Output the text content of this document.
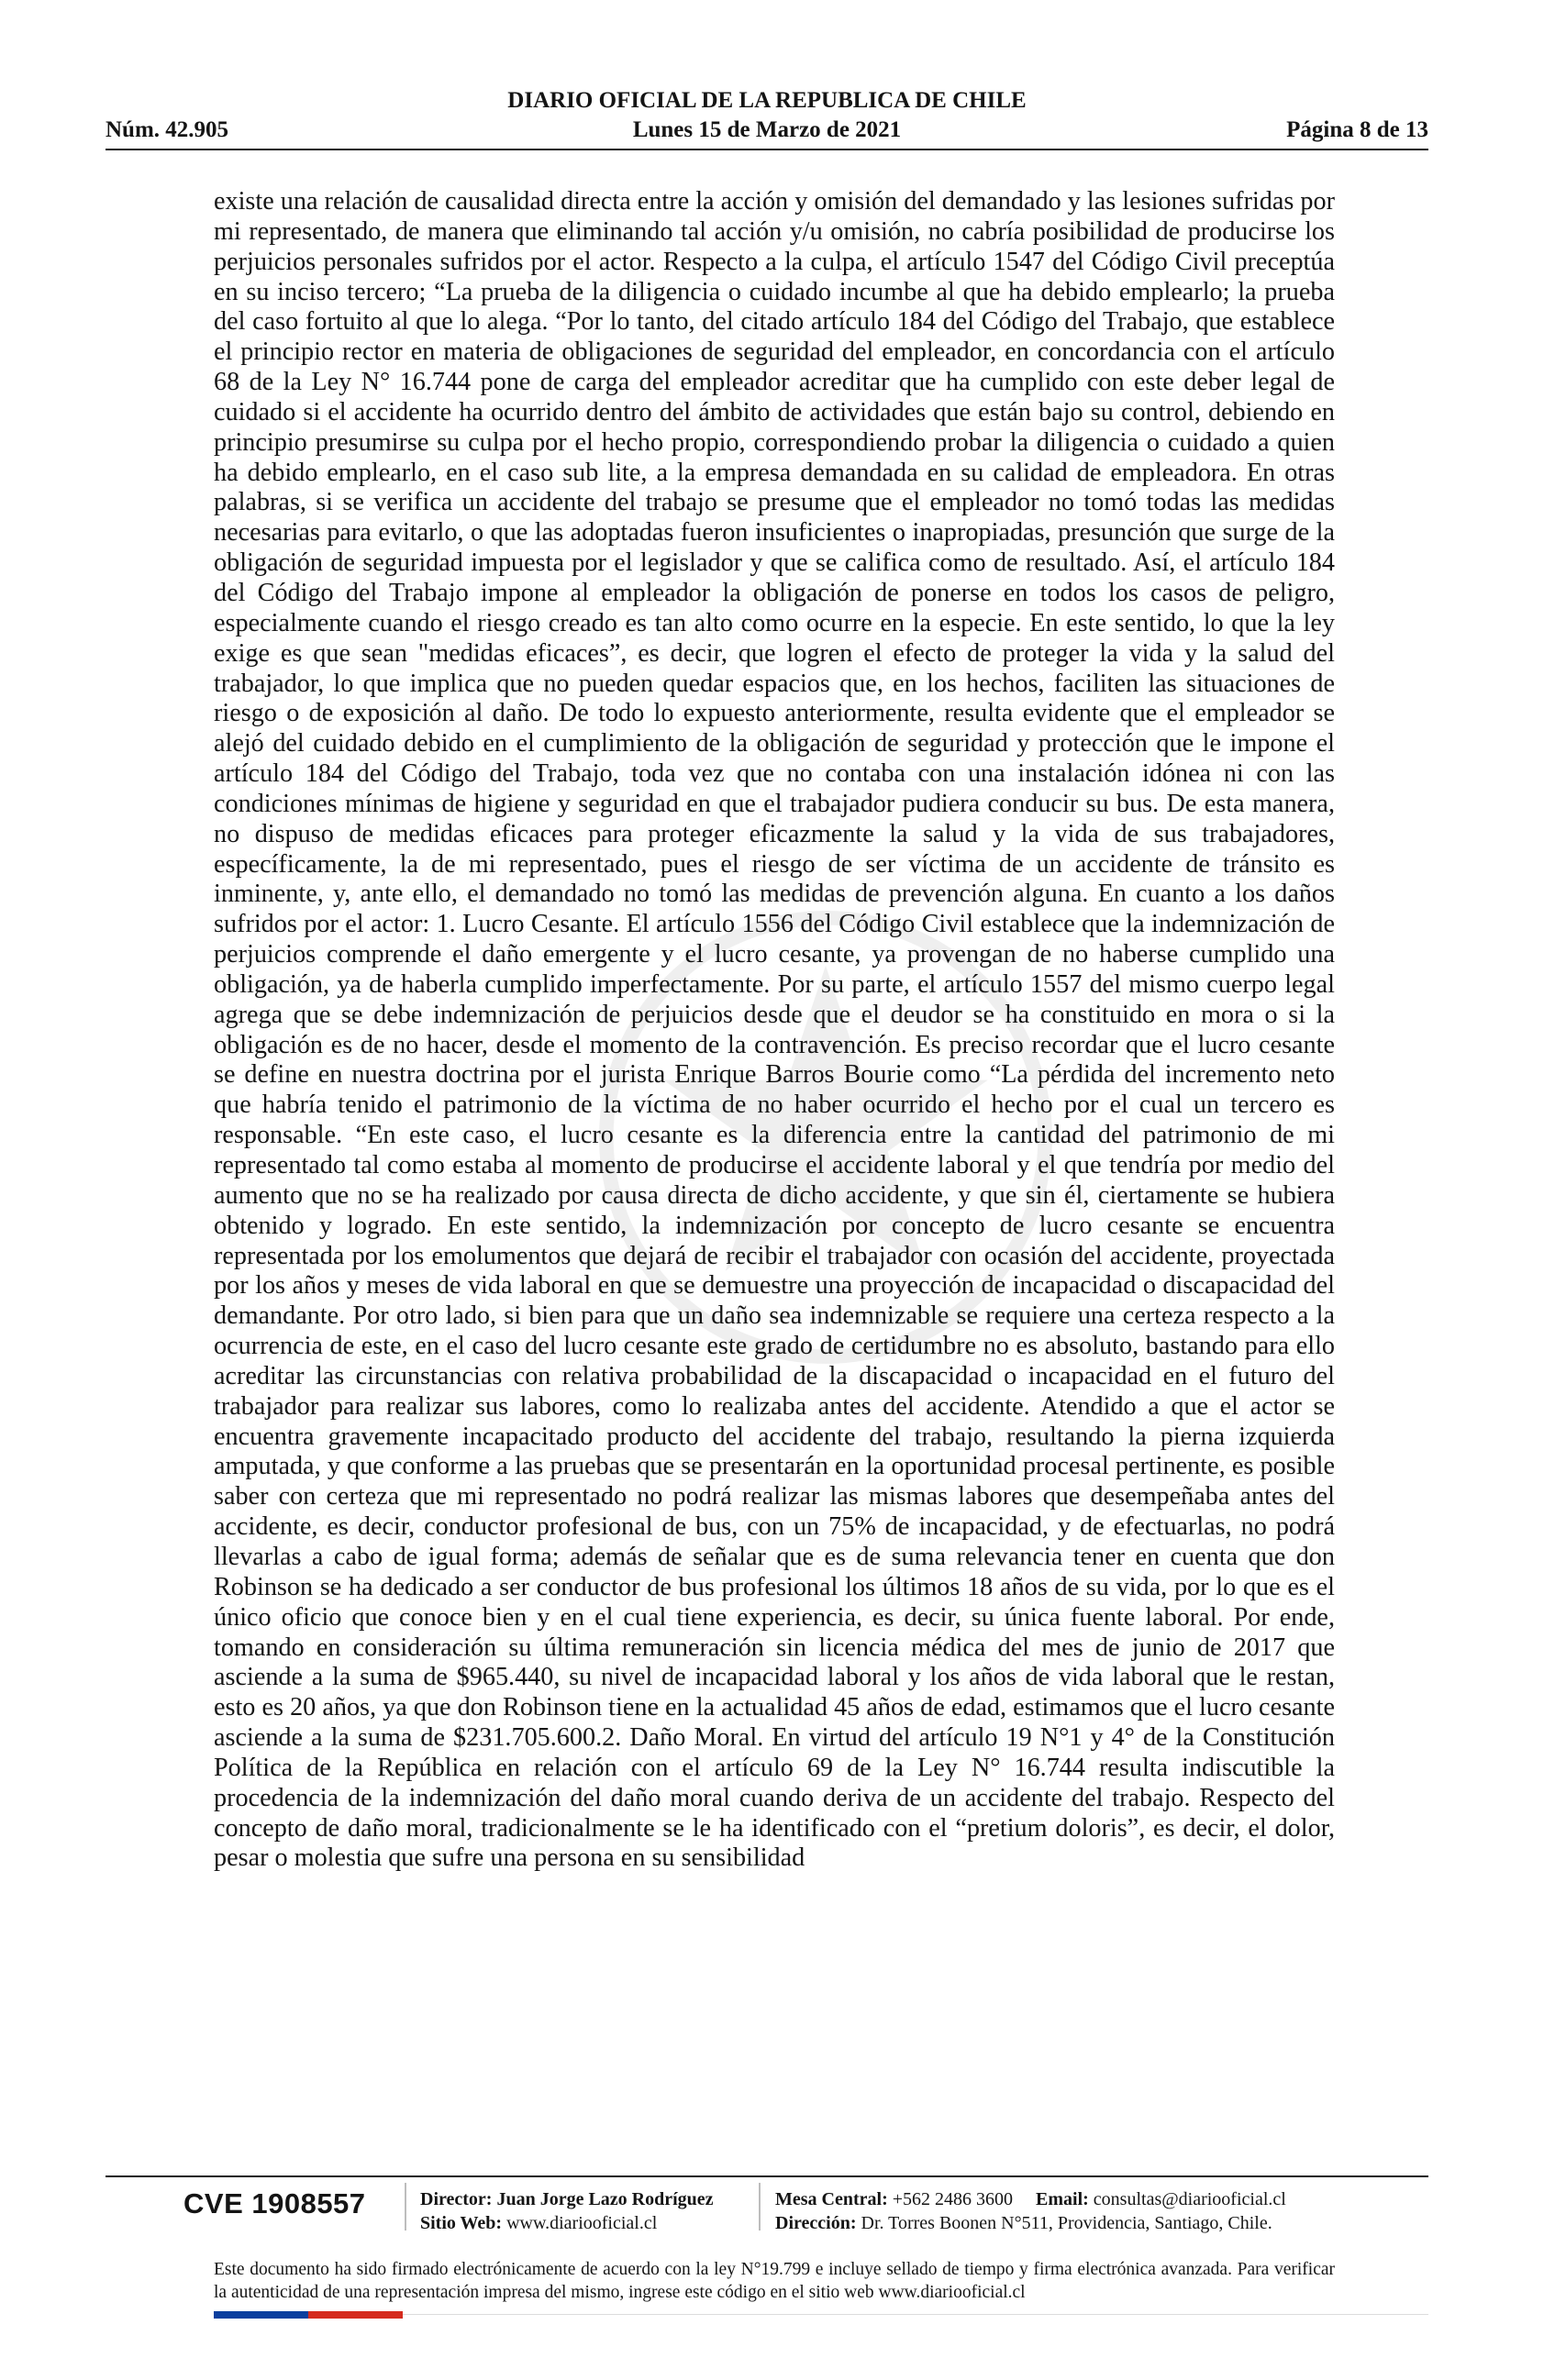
DIARIO OFICIAL DE LA REPUBLICA DE CHILE
Núm. 42.905	Lunes 15 de Marzo de 2021	Página 8 de 13
existe una relación de causalidad directa entre la acción y omisión del demandado y las lesiones sufridas por mi representado, de manera que eliminando tal acción y/u omisión, no cabría posibilidad de producirse los perjuicios personales sufridos por el actor. Respecto a la culpa, el artículo 1547 del Código Civil preceptúa en su inciso tercero; “La prueba de la diligencia o cuidado incumbe al que ha debido emplearlo; la prueba del caso fortuito al que lo alega. “Por lo tanto, del citado artículo 184 del Código del Trabajo, que establece el principio rector en materia de obligaciones de seguridad del empleador, en concordancia con el artículo 68 de la Ley N° 16.744 pone de carga del empleador acreditar que ha cumplido con este deber legal de cuidado si el accidente ha ocurrido dentro del ámbito de actividades que están bajo su control, debiendo en principio presumirse su culpa por el hecho propio, correspondiendo probar la diligencia o cuidado a quien ha debido emplearlo, en el caso sub lite, a la empresa demandada en su calidad de empleadora. En otras palabras, si se verifica un accidente del trabajo se presume que el empleador no tomó todas las medidas necesarias para evitarlo, o que las adoptadas fueron insuficientes o inapropiadas, presunción que surge de la obligación de seguridad impuesta por el legislador y que se califica como de resultado. Así, el artículo 184 del Código del Trabajo impone al empleador la obligación de ponerse en todos los casos de peligro, especialmente cuando el riesgo creado es tan alto como ocurre en la especie. En este sentido, lo que la ley exige es que sean "medidas eficaces”, es decir, que logren el efecto de proteger la vida y la salud del trabajador, lo que implica que no pueden quedar espacios que, en los hechos, faciliten las situaciones de riesgo o de exposición al daño. De todo lo expuesto anteriormente, resulta evidente que el empleador se alejó del cuidado debido en el cumplimiento de la obligación de seguridad y protección que le impone el artículo 184 del Código del Trabajo, toda vez que no contaba con una instalación idónea ni con las condiciones mínimas de higiene y seguridad en que el trabajador pudiera conducir su bus. De esta manera, no dispuso de medidas eficaces para proteger eficazmente la salud y la vida de sus trabajadores, específicamente, la de mi representado, pues el riesgo de ser víctima de un accidente de tránsito es inminente, y, ante ello, el demandado no tomó las medidas de prevención alguna. En cuanto a los daños sufridos por el actor: 1. Lucro Cesante. El artículo 1556 del Código Civil establece que la indemnización de perjuicios comprende el daño emergente y el lucro cesante, ya provengan de no haberse cumplido una obligación, ya de haberla cumplido imperfectamente. Por su parte, el artículo 1557 del mismo cuerpo legal agrega que se debe indemnización de perjuicios desde que el deudor se ha constituido en mora o si la obligación es de no hacer, desde el momento de la contravención. Es preciso recordar que el lucro cesante se define en nuestra doctrina por el jurista Enrique Barros Bourie como “La pérdida del incremento neto que habría tenido el patrimonio de la víctima de no haber ocurrido el hecho por el cual un tercero es responsable. “En este caso, el lucro cesante es la diferencia entre la cantidad del patrimonio de mi representado tal como estaba al momento de producirse el accidente laboral y el que tendría por medio del aumento que no se ha realizado por causa directa de dicho accidente, y que sin él, ciertamente se hubiera obtenido y logrado. En este sentido, la indemnización por concepto de lucro cesante se encuentra representada por los emolumentos que dejará de recibir el trabajador con ocasión del accidente, proyectada por los años y meses de vida laboral en que se demuestre una proyección de incapacidad o discapacidad del demandante. Por otro lado, si bien para que un daño sea indemnizable se requiere una certeza respecto a la ocurrencia de este, en el caso del lucro cesante este grado de certidumbre no es absoluto, bastando para ello acreditar las circunstancias con relativa probabilidad de la discapacidad o incapacidad en el futuro del trabajador para realizar sus labores, como lo realizaba antes del accidente. Atendido a que el actor se encuentra gravemente incapacitado producto del accidente del trabajo, resultando la pierna izquierda amputada, y que conforme a las pruebas que se presentarán en la oportunidad procesal pertinente, es posible saber con certeza que mi representado no podrá realizar las mismas labores que desempeñaba antes del accidente, es decir, conductor profesional de bus, con un 75% de incapacidad, y de efectuarlas, no podrá llevarlas a cabo de igual forma; además de señalar que es de suma relevancia tener en cuenta que don Robinson se ha dedicado a ser conductor de bus profesional los últimos 18 años de su vida, por lo que es el único oficio que conoce bien y en el cual tiene experiencia, es decir, su única fuente laboral. Por ende, tomando en consideración su última remuneración sin licencia médica del mes de junio de 2017 que asciende a la suma de $965.440, su nivel de incapacidad laboral y los años de vida laboral que le restan, esto es 20 años, ya que don Robinson tiene en la actualidad 45 años de edad, estimamos que el lucro cesante asciende a la suma de $231.705.600.2. Daño Moral. En virtud del artículo 19 N°1 y 4° de la Constitución Política de la República en relación con el artículo 69 de la Ley N° 16.744 resulta indiscutible la procedencia de la indemnización del daño moral cuando deriva de un accidente del trabajo. Respecto del concepto de daño moral, tradicionalmente se le ha identificado con el “pretium doloris”, es decir, el dolor, pesar o molestia que sufre una persona en su sensibilidad
CVE 1908557	Director: Juan Jorge Lazo Rodríguez
Sitio Web: www.diariooficial.cl
Mesa Central: +562 2486 3600 Email: consultas@diariooficial.cl
Dirección: Dr. Torres Boonen N°511, Providencia, Santiago, Chile.
Este documento ha sido firmado electrónicamente de acuerdo con la ley N°19.799 e incluye sellado de tiempo y firma electrónica avanzada. Para verificar la autenticidad de una representación impresa del mismo, ingrese este código en el sitio web www.diariooficial.cl
